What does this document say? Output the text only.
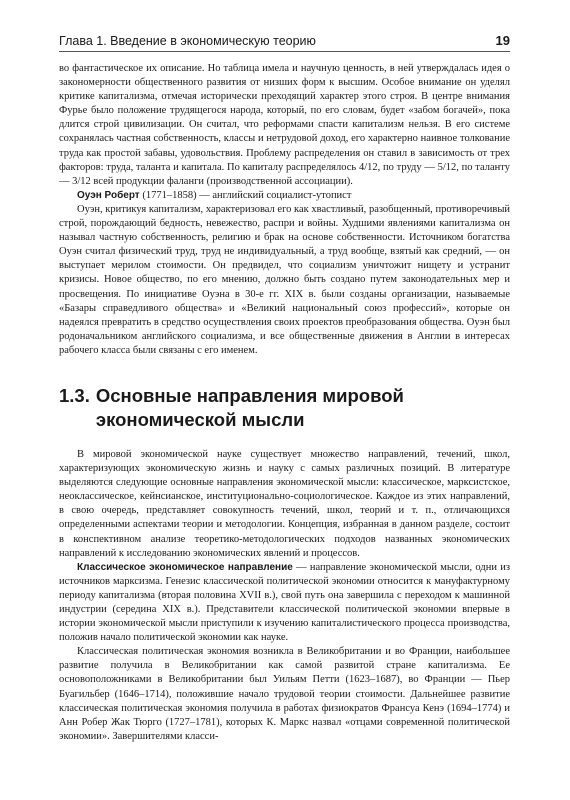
Глава 1. Введение в экономическую теорию	19

во фантастическое их описание. Но таблица имела и научную ценность, в ней утверждалась идея о закономерности общественного развития от низших форм к высшим. Особое внимание он уделял критике капитализма, отмечая исторически преходящий характер этого строя. В центре внимания Фурье было положение трудящегося народа, который, по его словам, будет «забом богачей», пока длится строй цивилизации. Он считал, что реформами спасти капитализм нельзя. В его системе сохранялась частная собственность, классы и нетрудовой доход, его характерно наивное толкование труда как простой забавы, удовольствия. Проблему распределения он ставил в зависимость от трех факторов: труда, таланта и капитала. По капиталу распределялось 4/12, по труду — 5/12, по таланту — 3/12 всей продукции фаланги (производственной ассоциации).

Оуэн Роберт (1771–1858) — английский социалист-утопист

Оуэн, критикуя капитализм, характеризовал его как хвастливый, разобщенный, противоречивый строй, порождающий бедность, невежество, распри и войны. Худшими явлениями капитализма он называл частную собственность, религию и брак на основе собственности. Источником богатства Оуэн считал физический труд, труд не индивидуальный, а труд вообще, взятый как средний, — он выступает мерилом стоимости. Он предвидел, что социализм уничтожит нищету и устранит кризисы. Новое общество, по его мнению, должно быть создано путем законодательных мер и просвещения. По инициативе Оуэна в 30-е гг. XIX в. были созданы организации, называемые «Базары справедливого общества» и «Великий национальный союз профессий», которые он надеялся превратить в средство осуществления своих проектов преобразования общества. Оуэн был родоначальником английского социализма, и все общественные движения в Англии в интересах рабочего класса были связаны с его именем.

1.3. Основные направления мировой экономической мысли

В мировой экономической науке существует множество направлений, течений, школ, характеризующих экономическую жизнь и науку с самых различных позиций. В литературе выделяются следующие основные направления экономической мысли: классическое, марксистское, неоклассическое, кейнсианское, институционально-социологическое. Каждое из этих направлений, в свою очередь, представляет совокупность течений, школ, теорий и т. п., отличающихся определенными аспектами теории и методологии. Концепция, избранная в данном разделе, состоит в конспективном анализе теоретико-методологических подходов названных экономических направлений к исследованию экономических явлений и процессов.

Классическое экономическое направление — направление экономической мысли, одни из источников марксизма. Генезис классической политической экономии относится к мануфактурному периоду капитализма (вторая половина XVII в.), свой путь она завершила с переходом к машинной индустрии (середина XIX в.). Представители классической политической экономии впервые в истории экономической мысли приступили к изучению капиталистического процесса производства, положив начало политической экономии как науке.

Классическая политическая экономия возникла в Великобритании и во Франции, наибольшее развитие получила в Великобритании как самой развитой стране капитализма. Ее основоположниками в Великобритании был Уильям Петти (1623–1687), во Франции — Пьер Буагильбер (1646–1714), положившие начало трудовой теории стоимости. Дальнейшее развитие классическая политическая экономия получила в работах физиократов Франсуа Кенэ (1694–1774) и Анн Робер Жак Тюрго (1727–1781), которых К. Маркс назвал «отцами современной политической экономии». Завершителями класси-
